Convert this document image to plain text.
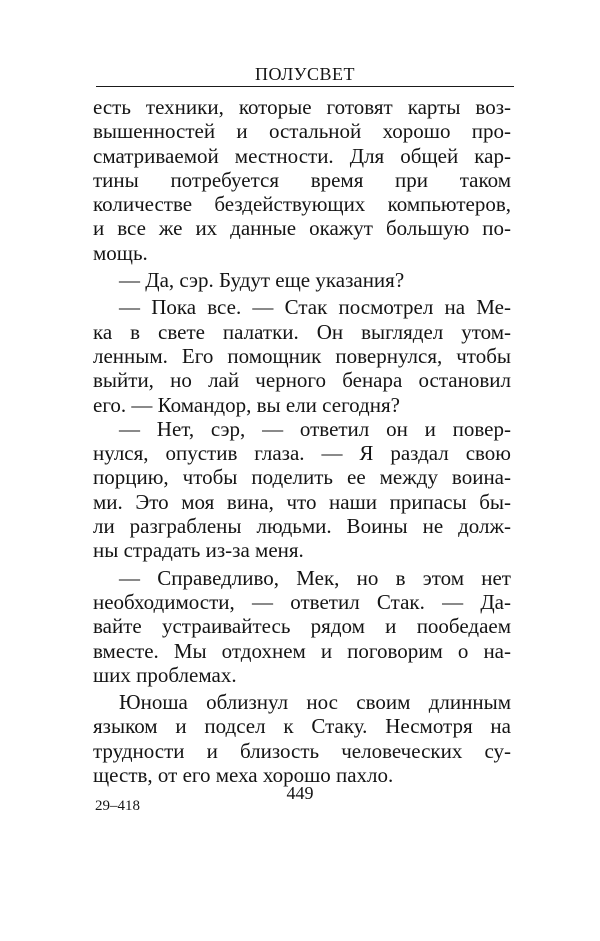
ПОЛУСВЕТ
есть техники, которые готовят карты воз-
вышенностей и остальной хорошо про-
сматриваемой местности. Для общей кар-
тины потребуется время при таком
количестве бездействующих компьютеров,
и все же их данные окажут большую по-
мощь.
— Да, сэр. Будут еще указания?
— Пока все. — Стак посмотрел на Ме-
ка в свете палатки. Он выглядел утом-
ленным. Его помощник повернулся, чтобы
выйти, но лай черного бенара остановил
его. — Командор, вы ели сегодня?
— Нет, сэр, — ответил он и повер-
нулся, опустив глаза. — Я раздал свою
порцию, чтобы поделить ее между воина-
ми. Это моя вина, что наши припасы бы-
ли разграблены людьми. Воины не долж-
ны страдать из-за меня.
— Справедливо, Мек, но в этом нет
необходимости, — ответил Стак. — Да-
вайте устраивайтесь рядом и пообедаем
вместе. Мы отдохнем и поговорим о на-
ших проблемах.
Юноша облизнул нос своим длинным
языком и подсел к Стаку. Несмотря на
трудности и близость человеческих су-
ществ, от его меха хорошо пахло.
449
29–418
